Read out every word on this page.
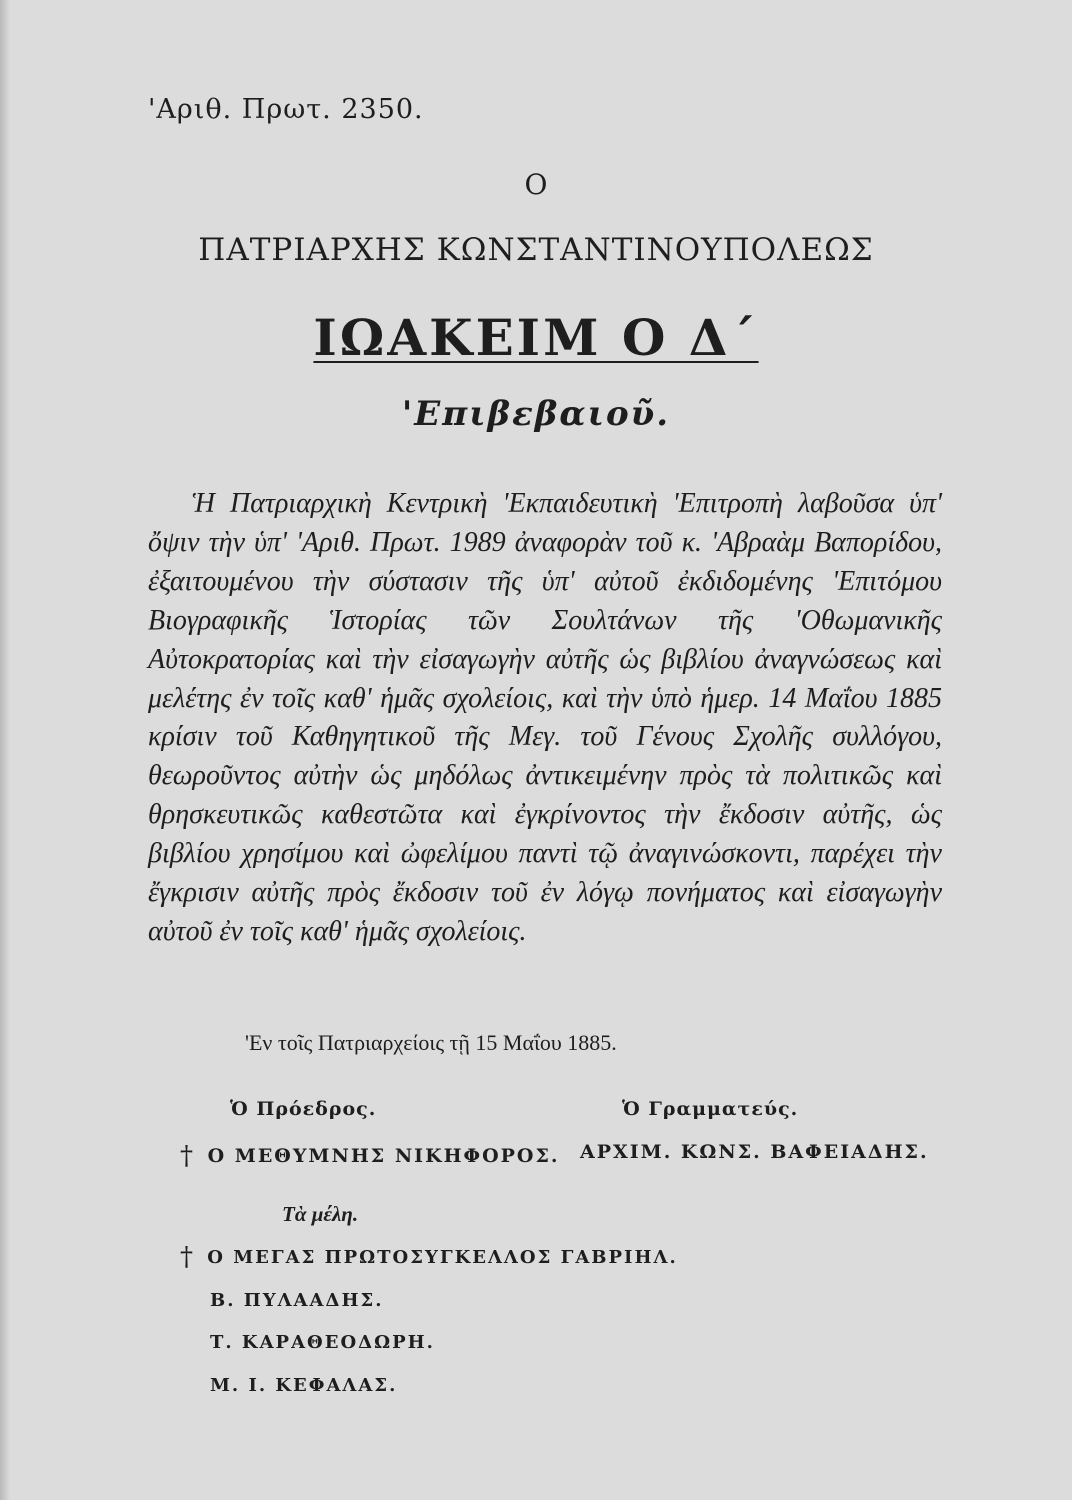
'Αριθ. Πρωτ. 2350.
Ο
ΠΑΤΡΙΑΡΧΗΣ ΚΩΝΣΤΑΝΤΙΝΟΥΠΟΛΕΩΣ
ΙΩΑΚΕΙΜ Ο Δ΄
'Επιβεβαιοῦ.
Ἡ Πατριαρχικὴ Κεντρικὴ 'Εκπαιδευτικὴ 'Επιτροπὴ λαβοῦσα ὑπ' ὄψιν τὴν ὑπ' 'Αριθ. Πρωτ. 1989 ἀναφορὰν τοῦ κ. 'Αβραὰμ Βαπορίδου, ἐξαιτουμένου τὴν σύστασιν τῆς ὑπ' αὐτοῦ ἐκδιδομένης 'Επιτόμου Βιογραφικῆς Ἱστορίας τῶν Σουλτάνων τῆς 'Οθωμανικῆς Αὐτοκρατορίας καὶ τὴν εἰσαγωγὴν αὐτῆς ὡς βιβλίου ἀναγνώσεως καὶ μελέτης ἐν τοῖς καθ' ἡμᾶς σχολείοις, καὶ τὴν ὑπὸ ἡμερ. 14 Μαΐου 1885 κρίσιν τοῦ Καθηγητικοῦ τῆς Μεγ. τοῦ Γένους Σχολῆς συλλόγου, θεωροῦντος αὐτὴν ὡς μηδόλως ἀντικειμένην πρὸς τὰ πολιτικῶς καὶ θρησκευτικῶς καθεστῶτα καὶ ἐγκρίνοντος τὴν ἔκδοσιν αὐτῆς, ὡς βιβλίου χρησίμου καὶ ὠφελίμου παντὶ τῷ ἀναγινώσκοντι, παρέχει τὴν ἔγκρισιν αὐτῆς πρὸς ἔκδοσιν τοῦ ἐν λόγῳ πονήματος καὶ εἰσαγωγὴν αὐτοῦ ἐν τοῖς καθ' ἡμᾶς σχολείοις.
'Εν τοῖς Πατριαρχείοις τῇ 15 Μαΐου 1885.
Ὁ Πρόεδρος.	Ὁ Γραμματεύς.
† Ο ΜΕΘΥΜΝΗΣ ΝΙΚΗΦΟΡΟΣ. ΑΡΧΙΜ. ΚΩΝΣ. ΒΑΦΕΙΑΔΗΣ.
Τὰ μέλη.
† Ο ΜΕΓΑΣ ΠΡΩΤΟΣΥΓΚΕΛΛΟΣ ΓΑΒΡΙΗΛ.
Β. ΠΥΛΑΑΔΗΣ.
Τ. ΚΑΡΑΘΕΟΔΩΡΗ.
Μ. Ι. ΚΕΦΑΛΑΣ.
